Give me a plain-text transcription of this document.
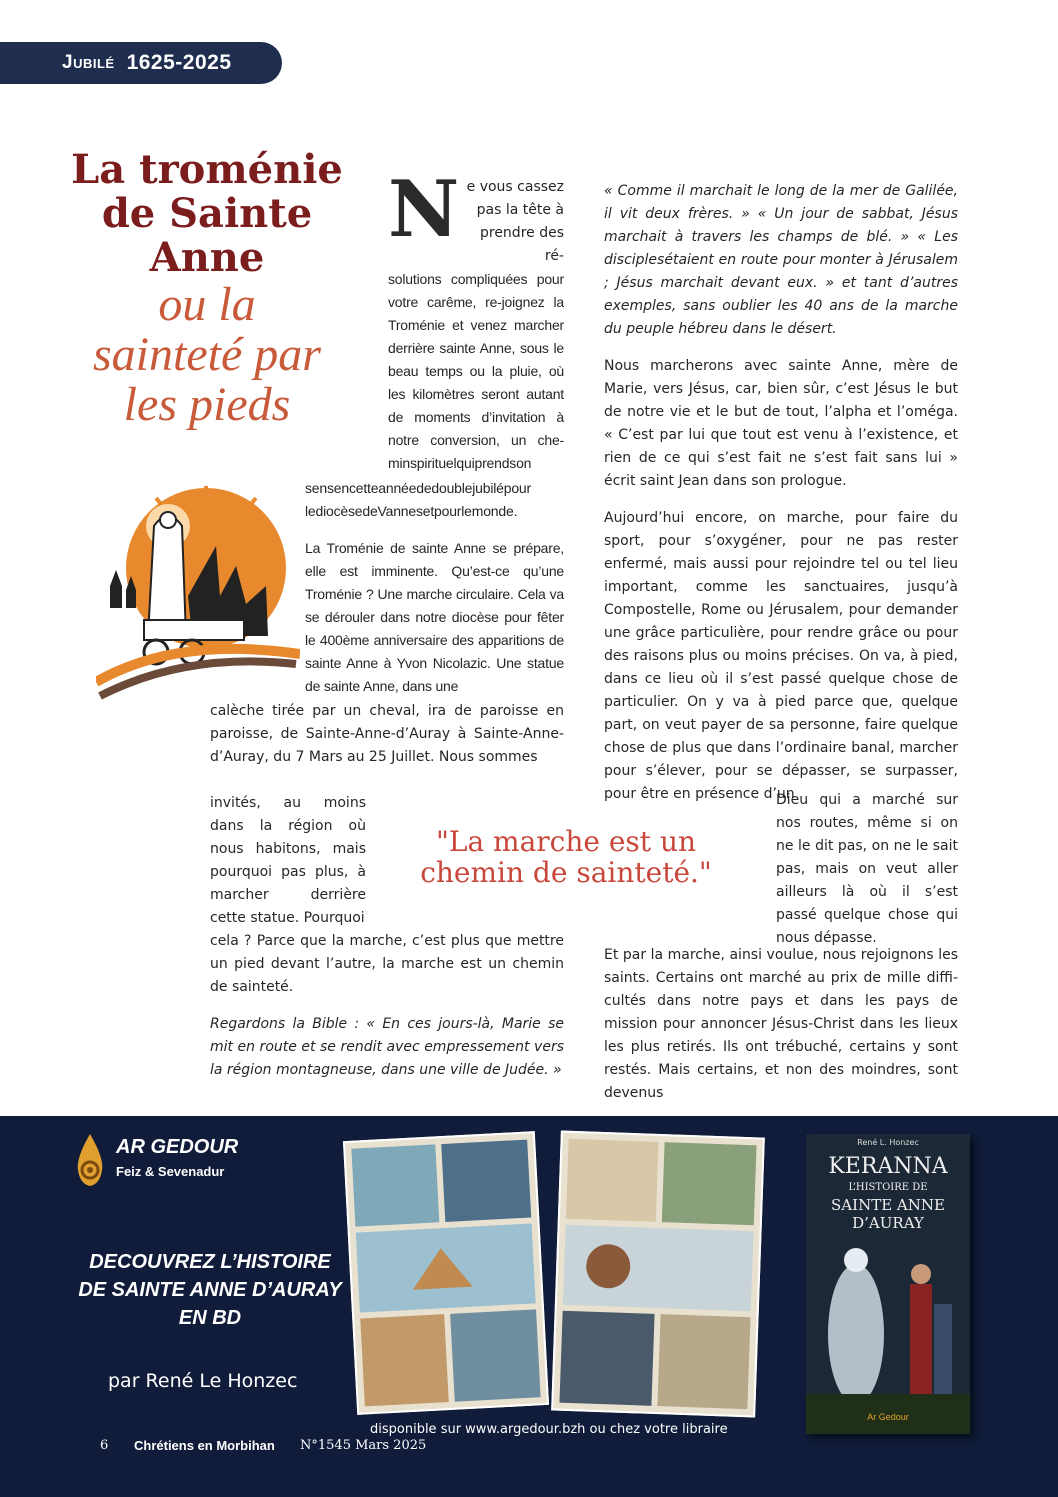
Jubilé 1625-2025
La troménie
de Sainte
Anne
ou la
sainteté par
les pieds
N e vous cassez
pas la tête à
prendre des ré-
solutions compliquées pour votre carême, re-joignez la Troménie et venez marcher derrière sainte Anne, sous le beau temps ou la pluie, où les kilomètres seront autant de moments d’invitation à notre conversion, un che-minspirituelquiprendson

sensencetteannéededoublejubilépour lediocèsedeVannesetpourlemonde.

La Troménie de sainte Anne se prépare, elle est imminente. Qu’est-ce qu’une Troménie ? Une marche circulaire. Cela va se dérouler dans notre diocèse pour fêter le 400ème anniversaire des apparitions de sainte Anne à Yvon Nicolazic. Une statue de sainte Anne, dans une

calèche tirée par un cheval, ira de paroisse en paroisse, de Sainte-Anne-d’Auray à Sainte-Anne-d’Auray, du 7 Mars au 25 Juillet. Nous sommes

invités, au moins dans la région où nous habitons, mais pourquoi pas plus, à marcher derrière cette statue. Pourquoi

cela ? Parce que la marche, c’est plus que mettre un pied devant l’autre, la marche est un chemin de sainteté.

Regardons la Bible : « En ces jours-là, Marie se mit en route et se rendit avec empressement vers la région montagneuse, dans une ville de Judée. »

« Comme il marchait le long de la mer de Galilée, il vit deux frères. » « Un jour de sabbat, Jésus marchait à travers les champs de blé. » « Les disciplesétaient en route pour monter à Jérusalem ; Jésus marchait devant eux. » et tant d’autres exemples, sans oublier les 40 ans de la marche du peuple hébreu dans le désert.

Nous marcherons avec sainte Anne, mère de Marie, vers Jésus, car, bien sûr, c’est Jésus le but de notre vie et le but de tout, l’alpha et l’oméga. « C’est par lui que tout est venu à l’existence, et rien de ce qui s’est fait ne s’est fait sans lui » écrit saint Jean dans son prologue.

Aujourd’hui encore, on marche, pour faire du sport, pour s’oxygéner, pour ne pas rester enfermé, mais aussi pour rejoindre tel ou tel lieu important, comme les sanctuaires, jusqu’à Compostelle, Rome ou Jérusalem, pour demander une grâce particulière, pour rendre grâce ou pour des raisons plus ou moins précises. On va, à pied, dans ce lieu où il s’est passé quelque chose de particulier. On y va à pied parce que, quelque part, on veut payer de sa personne, faire quelque chose de plus que dans l’ordinaire banal, marcher pour s’élever, pour se dépasser, se surpasser, pour être en présence d’un

Dieu qui a marché sur nos routes, même si on ne le dit pas, on ne le sait pas, mais on veut aller ailleurs là où il s’est passé quelque chose qui nous dépasse.

Et par la marche, ainsi voulue, nous rejoignons les saints. Certains ont marché au prix de mille diffi-cultés dans notre pays et dans les pays de mission pour annoncer Jésus-Christ dans les lieux les plus retirés. Ils ont trébuché, certains y sont restés. Mais certains, et non des moindres, sont devenus

"La marche est un
chemin de sainteté."
AR GEDOUR
Feiz & Sevenadur
DECOUVREZ L’HISTOIRE
DE SAINTE ANNE D’AURAY
EN BD
par René Le Honzec
René L. Honzec
KERANNA
L’HISTOIRE DE
SAINTE ANNE
D’AURAY
Ar Gedour
disponible sur www.argedour.bzh ou chez votre libraire
6 Chrétiens en Morbihan N°1545 Mars 2025
